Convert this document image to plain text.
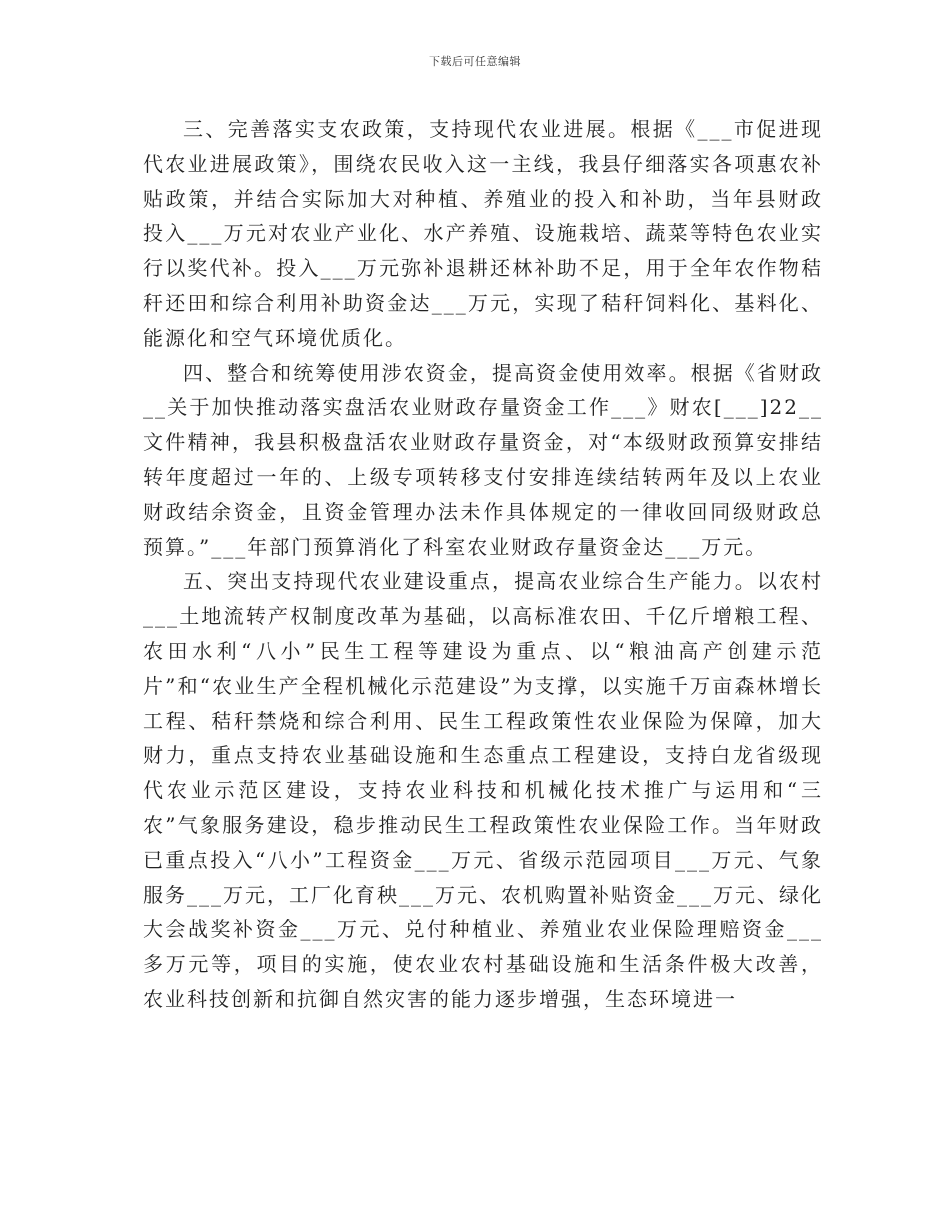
下载后可任意编辑

三、完善落实支农政策，支持现代农业进展。根据《___市促进现代农业进展政策》，围绕农民收入这一主线，我县仔细落实各项惠农补贴政策，并结合实际加大对种植、养殖业的投入和补助，当年县财政投入___万元对农业产业化、水产养殖、设施栽培、蔬菜等特色农业实行以奖代补。投入___万元弥补退耕还林补助不足，用于全年农作物秸秆还田和综合利用补助资金达___万元，实现了秸秆饲料化、基料化、能源化和空气环境优质化。

四、整合和统筹使用涉农资金，提高资金使用效率。根据《省财政__关于加快推动落实盘活农业财政存量资金工作___》财农[___]22__文件精神，我县积极盘活农业财政存量资金，对“本级财政预算安排结转年度超过一年的、上级专项转移支付安排连续结转两年及以上农业财政结余资金，且资金管理办法未作具体规定的一律收回同级财政总预算。”___年部门预算消化了科室农业财政存量资金达___万元。

五、突出支持现代农业建设重点，提高农业综合生产能力。以农村___土地流转产权制度改革为基础，以高标准农田、千亿斤增粮工程、农田水利“八小”民生工程等建设为重点、以“粮油高产创建示范片”和“农业生产全程机械化示范建设”为支撑，以实施千万亩森林增长工程、秸秆禁烧和综合利用、民生工程政策性农业保险为保障，加大财力，重点支持农业基础设施和生态重点工程建设，支持白龙省级现代农业示范区建设，支持农业科技和机械化技术推广与运用和“三农”气象服务建设，稳步推动民生工程政策性农业保险工作。当年财政已重点投入“八小”工程资金___万元、省级示范园项目___万元、气象服务___万元，工厂化育秧___万元、农机购置补贴资金___万元、绿化大会战奖补资金___万元、兑付种植业、养殖业农业保险理赔资金___多万元等，项目的实施，使农业农村基础设施和生活条件极大改善，农业科技创新和抗御自然灾害的能力逐步增强，生态环境进一
